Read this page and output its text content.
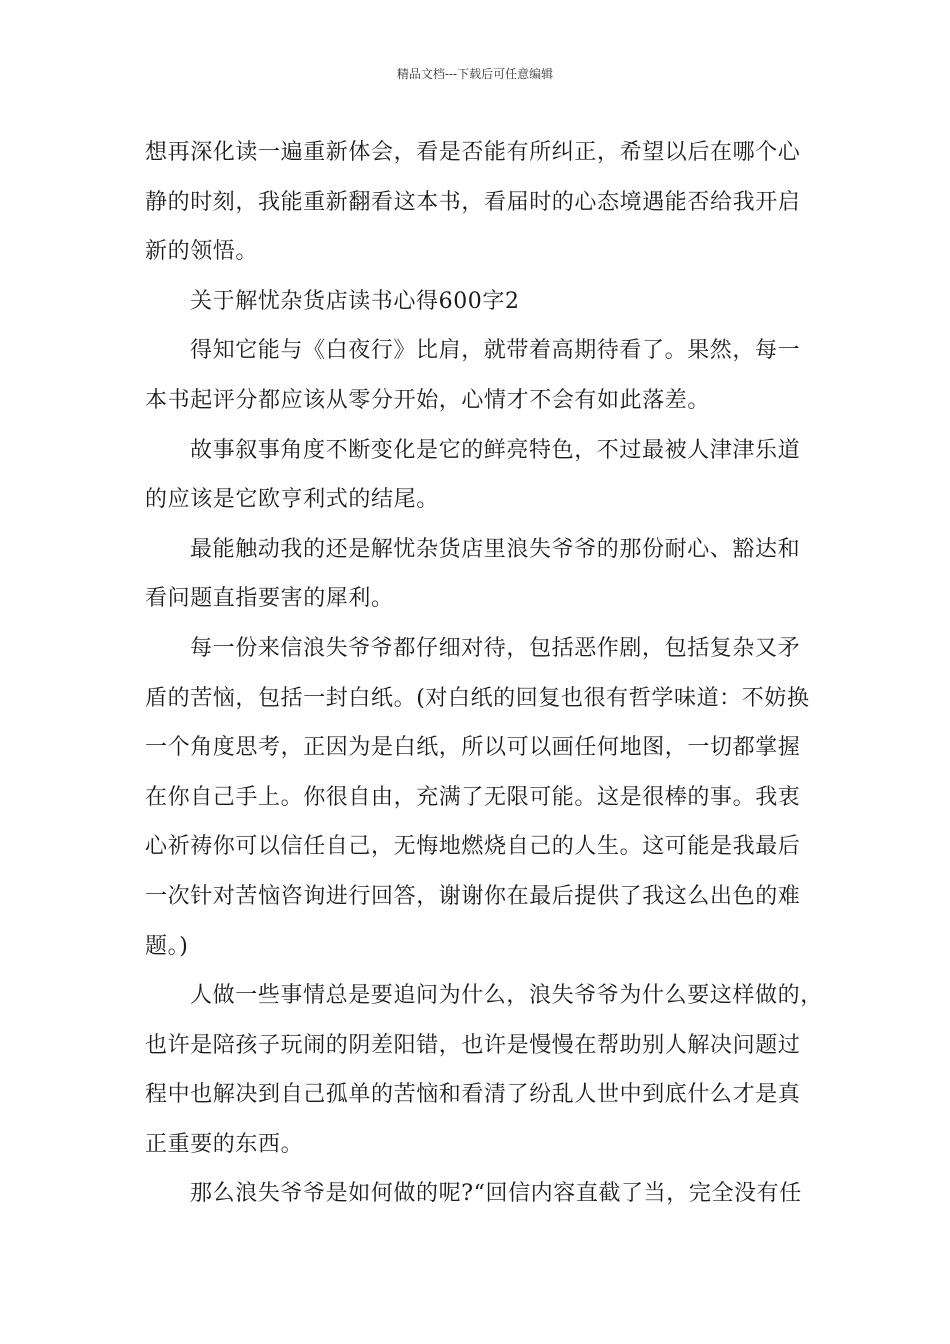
精品文档---下载后可任意编辑
想再深化读一遍重新体会，看是否能有所纠正，希望以后在哪个心
静的时刻，我能重新翻看这本书，看届时的心态境遇能否给我开启
新的领悟。
关于解忧杂货店读书心得600字2
得知它能与《白夜行》比肩，就带着高期待看了。果然，每一
本书起评分都应该从零分开始，心情才不会有如此落差。
故事叙事角度不断变化是它的鲜亮特色，不过最被人津津乐道
的应该是它欧亨利式的结尾。
最能触动我的还是解忧杂货店里浪失爷爷的那份耐心、豁达和
看问题直指要害的犀利。
每一份来信浪失爷爷都仔细对待，包括恶作剧，包括复杂又矛
盾的苦恼，包括一封白纸。(对白纸的回复也很有哲学味道：不妨换
一个角度思考，正因为是白纸，所以可以画任何地图，一切都掌握
在你自己手上。你很自由，充满了无限可能。这是很棒的事。我衷
心祈祷你可以信任自己，无悔地燃烧自己的人生。这可能是我最后
一次针对苦恼咨询进行回答，谢谢你在最后提供了我这么出色的难
题。)
人做一些事情总是要追问为什么，浪失爷爷为什么要这样做的，
也许是陪孩子玩闹的阴差阳错，也许是慢慢在帮助别人解决问题过
程中也解决到自己孤单的苦恼和看清了纷乱人世中到底什么才是真
正重要的东西。
那么浪失爷爷是如何做的呢?“回信内容直截了当，完全没有任
